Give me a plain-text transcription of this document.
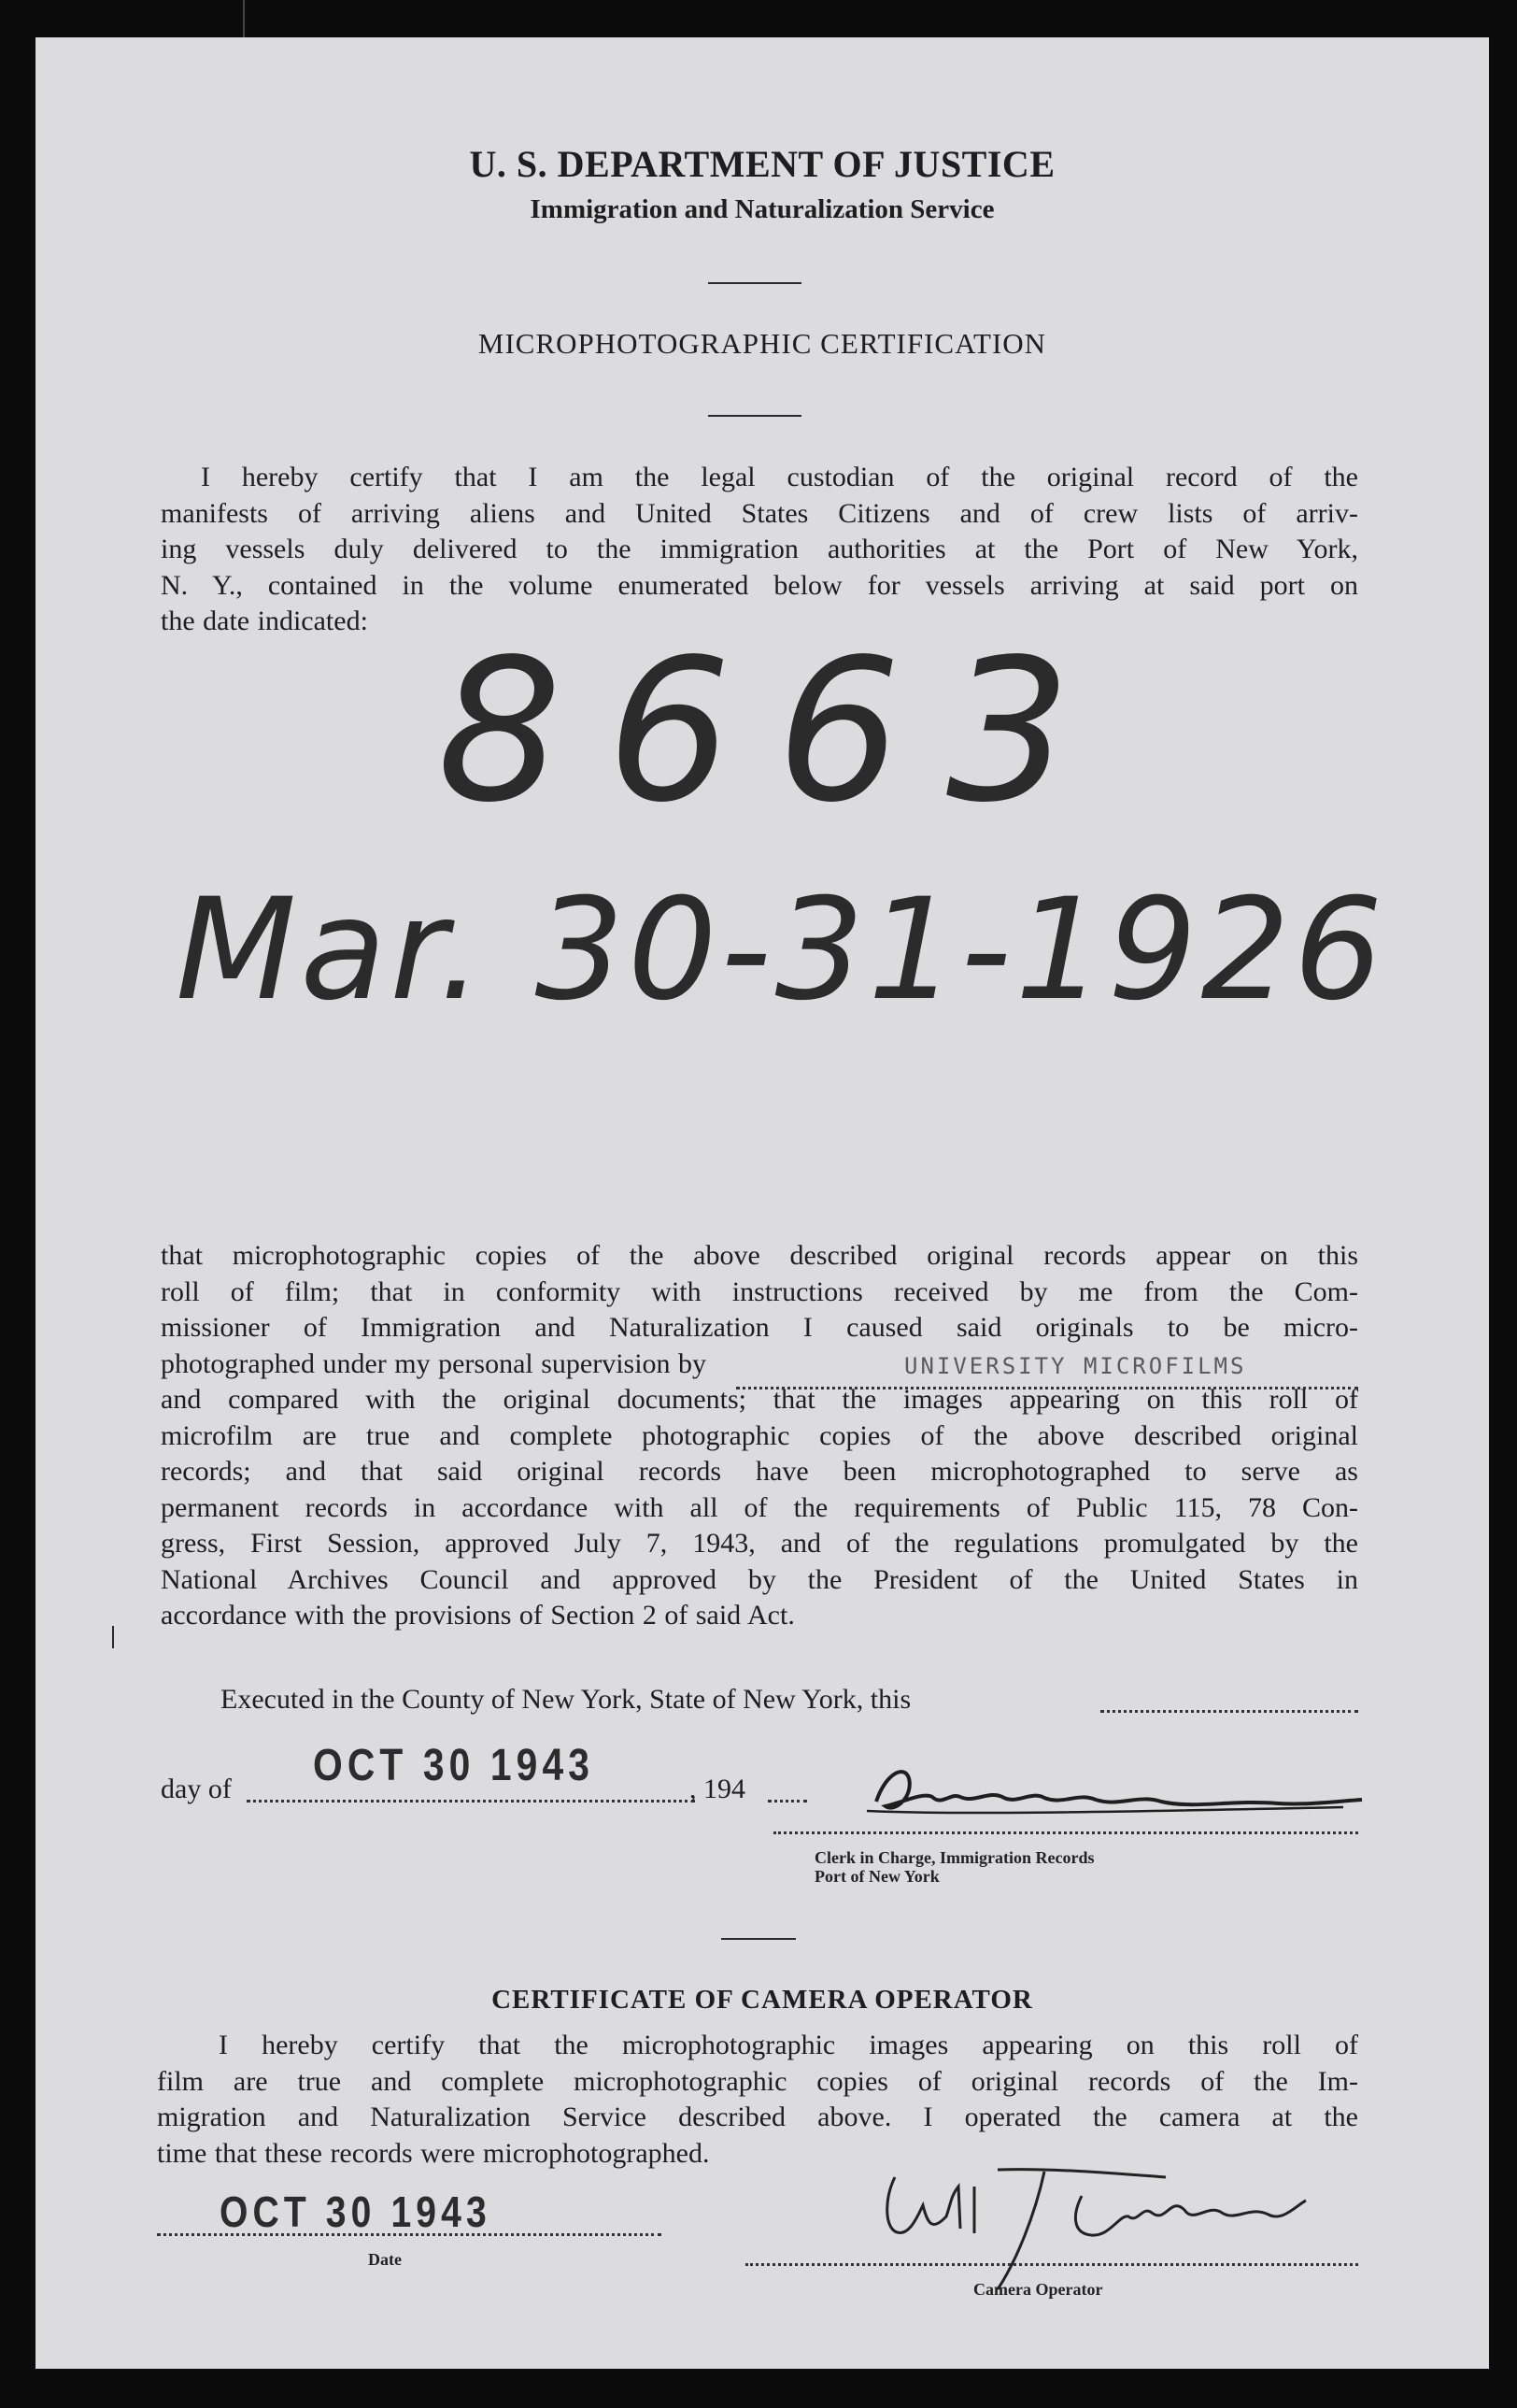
U. S. DEPARTMENT OF JUSTICE
Immigration and Naturalization Service
MICROPHOTOGRAPHIC CERTIFICATION
I hereby certify that I am the legal custodian of the original record of the
manifests of arriving aliens and United States Citizens and of crew lists of arriv-
ing vessels duly delivered to the immigration authorities at the Port of New York,
N. Y., contained in the volume enumerated below for vessels arriving at said port on
the date indicated: 8663
Mar. 30-31-1926
that microphotographic copies of the above described original records appear on this
roll of film; that in conformity with instructions received by me from the Com-
missioner of Immigration and Naturalization I caused said originals to be micro-
photographed under my personal supervision by
and compared with the original documents; that the images appearing on this roll of
microfilm are true and complete photographic copies of the above described original
records; and that said original records have been microphotographed to serve as
permanent records in accordance with all of the requirements of Public 115, 78 Con-
gress, First Session, approved July 7, 1943, and of the regulations promulgated by the
National Archives Council and approved by the President of the United States in
accordance with the provisions of Section 2 of said Act.
UNIVERSITY MICROFILMS
Executed in the County of New York, State of New York, this
day of OCT 30 1943	, 194
Clerk in Charge, Immigration Records
Port of New York
CERTIFICATE OF CAMERA OPERATOR
I hereby certify that the microphotographic images appearing on this roll of
film are true and complete microphotographic copies of original records of the Im-
migration and Naturalization Service described above. I operated the camera at the
time that these records were microphotographed.
OCT 30 1943
Date
Camera Operator
